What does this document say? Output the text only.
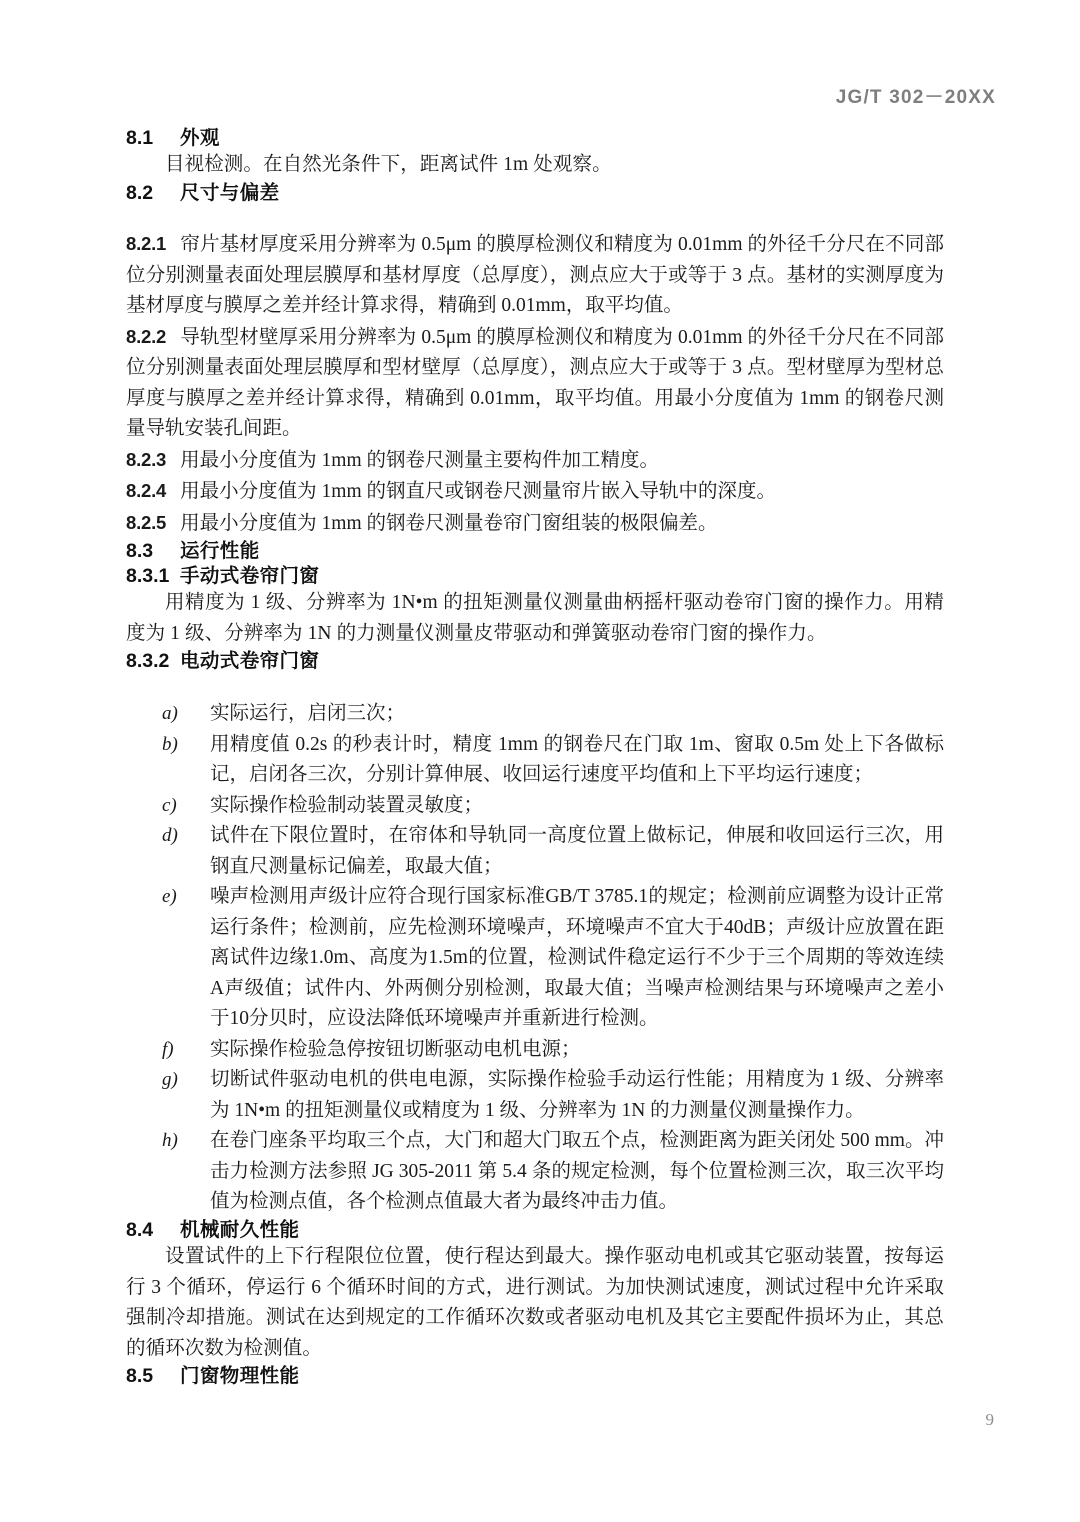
JG/T 302－20XX
8.1	外观

目视检测。在自然光条件下，距离试件 1m 处观察。

8.2	尺寸与偏差

8.2.1 帘片基材厚度采用分辨率为 0.5μm 的膜厚检测仪和精度为 0.01mm 的外径千分尺在不同部位分别测量表面处理层膜厚和基材厚度（总厚度），测点应大于或等于 3 点。基材的实测厚度为基材厚度与膜厚之差并经计算求得，精确到 0.01mm，取平均值。

8.2.2 导轨型材壁厚采用分辨率为 0.5μm 的膜厚检测仪和精度为 0.01mm 的外径千分尺在不同部位分别测量表面处理层膜厚和型材壁厚（总厚度），测点应大于或等于 3 点。型材壁厚为型材总厚度与膜厚之差并经计算求得，精确到 0.01mm，取平均值。用最小分度值为 1mm 的钢卷尺测量导轨安装孔间距。

8.2.3 用最小分度值为 1mm 的钢卷尺测量主要构件加工精度。

8.2.4 用最小分度值为 1mm 的钢直尺或钢卷尺测量帘片嵌入导轨中的深度。

8.2.5 用最小分度值为 1mm 的钢卷尺测量卷帘门窗组装的极限偏差。

8.3	运行性能
8.3.1 手动式卷帘门窗

用精度为 1 级、分辨率为 1N•m 的扭矩测量仪测量曲柄摇杆驱动卷帘门窗的操作力。用精度为 1 级、分辨率为 1N 的力测量仪测量皮带驱动和弹簧驱动卷帘门窗的操作力。

8.3.2 电动式卷帘门窗
a)	实际运行，启闭三次；
b)	用精度值 0.2s 的秒表计时，精度 1mm 的钢卷尺在门取 1m、窗取 0.5m 处上下各做标记，启闭各三次，分别计算伸展、收回运行速度平均值和上下平均运行速度；
c)	实际操作检验制动装置灵敏度；
d)	试件在下限位置时，在帘体和导轨同一高度位置上做标记，伸展和收回运行三次，用钢直尺测量标记偏差，取最大值；
e)	噪声检测用声级计应符合现行国家标准GB/T 3785.1的规定；检测前应调整为设计正常运行条件；检测前，应先检测环境噪声，环境噪声不宜大于40dB；声级计应放置在距离试件边缘1.0m、高度为1.5m的位置，检测试件稳定运行不少于三个周期的等效连续A声级值；试件内、外两侧分别检测，取最大值；当噪声检测结果与环境噪声之差小于10分贝时，应设法降低环境噪声并重新进行检测。
f)	实际操作检验急停按钮切断驱动电机电源；
g)	切断试件驱动电机的供电电源，实际操作检验手动运行性能；用精度为 1 级、分辨率为 1N•m 的扭矩测量仪或精度为 1 级、分辨率为 1N 的力测量仪测量操作力。
h)	在卷门座条平均取三个点，大门和超大门取五个点，检测距离为距关闭处 500 mm。冲击力检测方法参照 JG 305-2011 第 5.4 条的规定检测，每个位置检测三次，取三次平均值为检测点值，各个检测点值最大者为最终冲击力值。
8.4	机械耐久性能

设置试件的上下行程限位位置，使行程达到最大。操作驱动电机或其它驱动装置，按每运行 3 个循环，停运行 6 个循环时间的方式，进行测试。为加快测试速度，测试过程中允许采取强制冷却措施。测试在达到规定的工作循环次数或者驱动电机及其它主要配件损坏为止，其总的循环次数为检测值。

8.5	门窗物理性能
9
